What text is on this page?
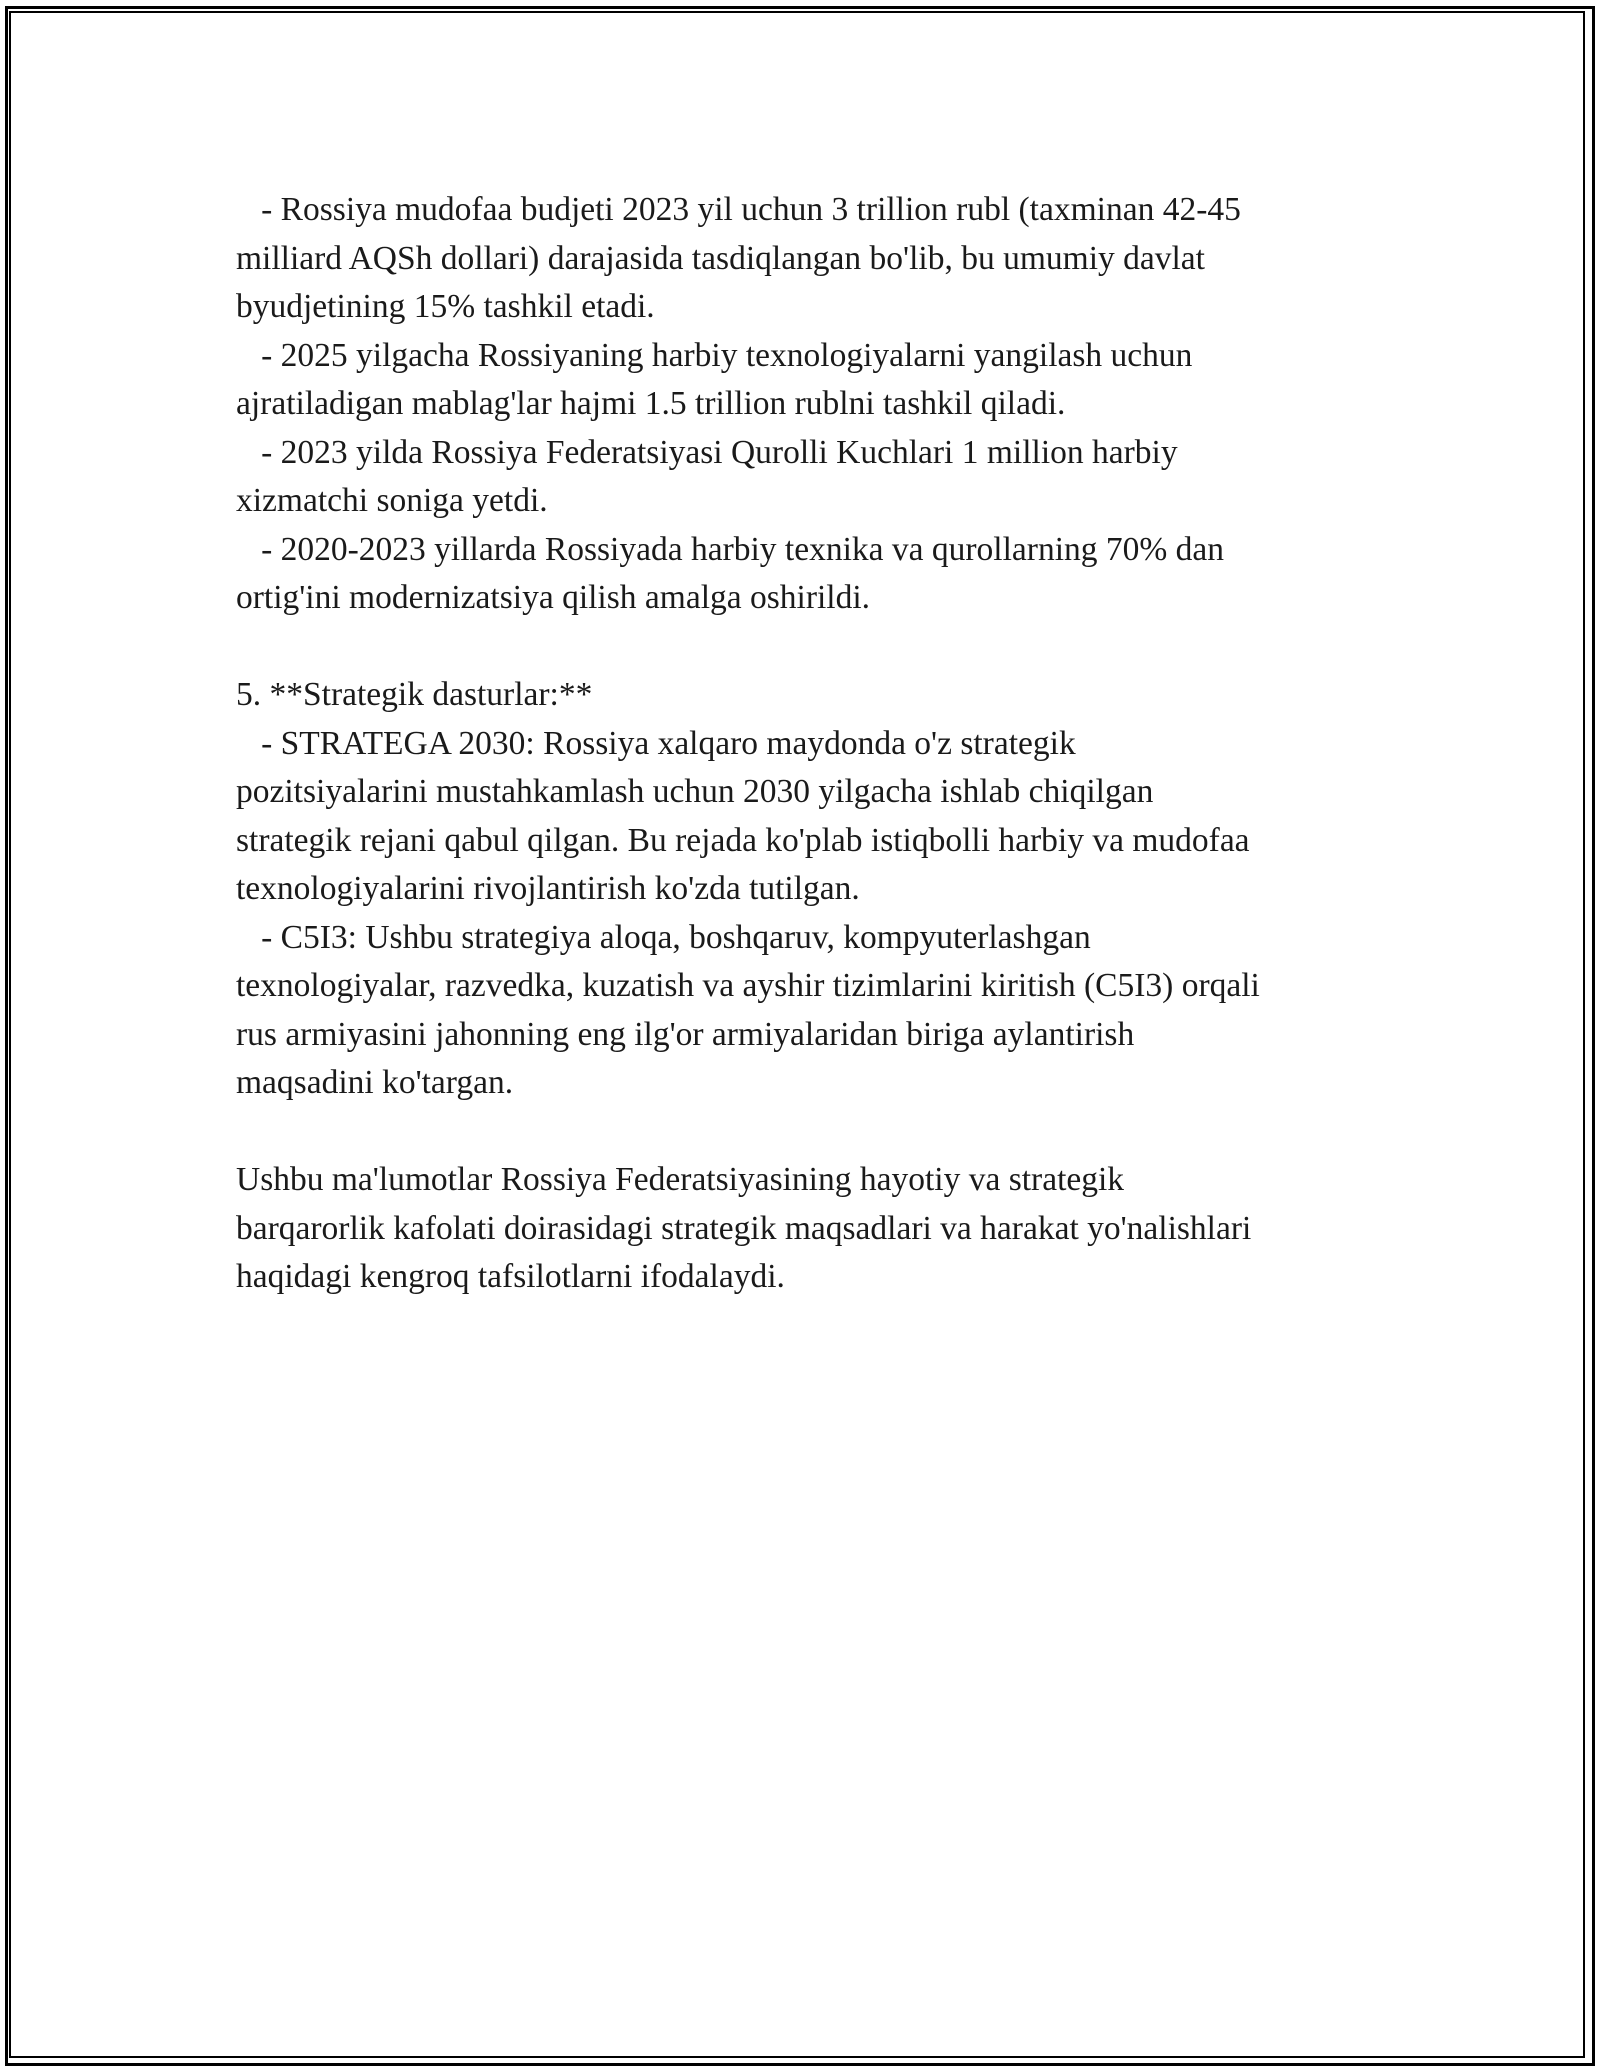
- Rossiya mudofaa budjeti 2023 yil uchun 3 trillion rubl (taxminan 42-45
milliard AQSh dollari) darajasida tasdiqlangan bo'lib, bu umumiy davlat
byudjetining 15% tashkil etadi.
- 2025 yilgacha Rossiyaning harbiy texnologiyalarni yangilash uchun
ajratiladigan mablag'lar hajmi 1.5 trillion rublni tashkil qiladi.
- 2023 yilda Rossiya Federatsiyasi Qurolli Kuchlari 1 million harbiy
xizmatchi soniga yetdi.
- 2020-2023 yillarda Rossiyada harbiy texnika va qurollarning 70% dan
ortig'ini modernizatsiya qilish amalga oshirildi.
5. **Strategik dasturlar:**
- STRATEGA 2030: Rossiya xalqaro maydonda o'z strategik
pozitsiyalarini mustahkamlash uchun 2030 yilgacha ishlab chiqilgan
strategik rejani qabul qilgan. Bu rejada ko'plab istiqbolli harbiy va mudofaa
texnologiyalarini rivojlantirish ko'zda tutilgan.
- C5I3: Ushbu strategiya aloqa, boshqaruv, kompyuterlashgan
texnologiyalar, razvedka, kuzatish va ayshir tizimlarini kiritish (C5I3) orqali
rus armiyasini jahonning eng ilg'or armiyalaridan biriga aylantirish
maqsadini ko'targan.
Ushbu ma'lumotlar Rossiya Federatsiyasining hayotiy va strategik
barqarorlik kafolati doirasidagi strategik maqsadlari va harakat yo'nalishlari
haqidagi kengroq tafsilotlarni ifodalaydi.
